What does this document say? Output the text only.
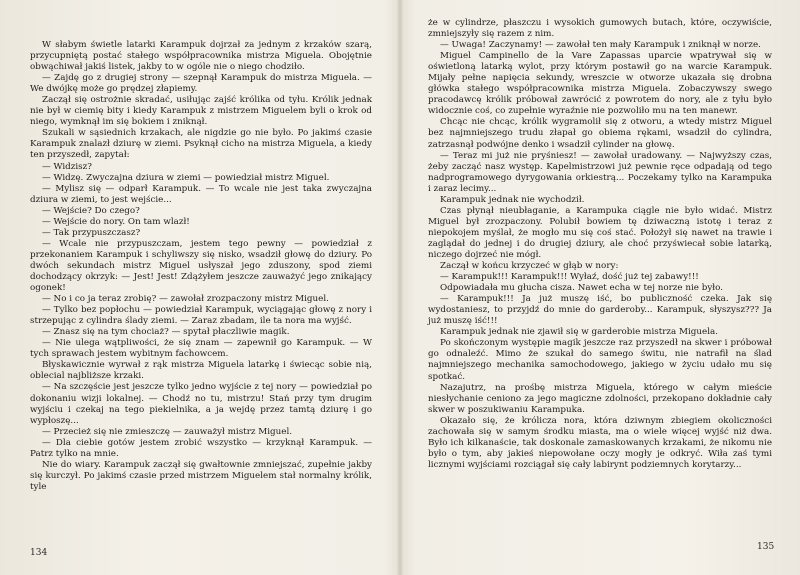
W słabym świetle latarki Karampuk dojrzał za jednym z krzaków szarą, przycupniętą postać stałego współpracownika mistrza Miguela. Obojętnie obwąchiwał jakiś listek, jakby to w ogóle nie o niego chodziło.

— Zajdę go z drugiej strony — szepnął Karampuk do mistrza Miguela. — We dwójkę może go prędzej złapiemy.

Zaczął się ostrożnie skradać, usiłując zajść królika od tyłu. Królik jednak nie był w ciemię bity i kiedy Karampuk z mistrzem Miguelem byli o krok od niego, wymknął im się bokiem i zniknął.

Szukali w sąsiednich krzakach, ale nigdzie go nie było. Po jakimś czasie Karampuk znalazł dziurę w ziemi. Psyknął cicho na mistrza Miguela, a kiedy ten przyszedł, zapytał:

— Widzisz?

— Widzę. Zwyczajna dziura w ziemi — powiedział mistrz Miguel.

— Mylisz się — odparł Karampuk. — To wcale nie jest taka zwyczajna dziura w ziemi, to jest wejście...

— Wejście? Do czego?

— Wejście do nory. On tam wlazł!

— Tak przypuszczasz?

— Wcale nie przypuszczam, jestem tego pewny — powiedział z przekonaniem Karampuk i schyliwszy się nisko, wsadził głowę do dziury. Po dwóch sekundach mistrz Miguel usłyszał jego zduszony, spod ziemi dochodzący okrzyk: — Jest! Jest! Zdążyłem jeszcze zauważyć jego znikający ogonek!

— No i co ja teraz zrobię? — zawołał zrozpaczony mistrz Miguel.

— Tylko bez popłochu — powiedział Karampuk, wyciągając głowę z nory i strzepując z cylindra ślady ziemi. — Zaraz zbadam, ile ta nora ma wyjść.

— Znasz się na tym chociaż? — spytał płaczliwie magik.

— Nie ulega wątpliwości, że się znam — zapewnił go Karampuk. — W tych sprawach jestem wybitnym fachowcem.

Błyskawicznie wyrwał z rąk mistrza Miguela latarkę i świecąc sobie nią, oblecial najbliższe krzaki.

— Na szczęście jest jeszcze tylko jedno wyjście z tej nory — powiedział po dokonaniu wizji lokalnej. — Chodź no tu, mistrzu! Stań przy tym drugim wyjściu i czekaj na tego piekielnika, a ja wejdę przez tamtą dziurę i go wypłoszę...

— Przecież się nie zmieszczę — zauważył mistrz Miguel.

— Dla ciebie gotów jestem zrobić wszystko — krzyknął Karampuk. — Patrz tylko na mnie.

Nie do wiary. Karampuk zaczął się gwałtownie zmniejszać, zupełnie jakby się kurczył. Po jakimś czasie przed mistrzem Miguelem stał normalny królik, tyle

134

że w cylindrze, płaszczu i wysokich gumowych butach, które, oczywiście, zmniejszyły się razem z nim.

— Uwaga! Zaczynamy! — zawołał ten mały Karampuk i zniknął w norze.

Miguel Campinello de la Vare Zapassas uparcie wpatrywał się w oświetloną latarką wylot, przy którym postawił go na warcie Karampuk. Mijały pełne napięcia sekundy, wreszcie w otworze ukazała się drobna główka stałego współpracownika mistrza Miguela. Zobaczywszy swego pracodawcę królik próbował zawrócić z powrotem do nory, ale z tyłu było widocznie coś, co zupełnie wyraźnie nie pozwoliło mu na ten manewr.

Chcąc nie chcąc, królik wygramolił się z otworu, a wtedy mistrz Miguel bez najmniejszego trudu złapał go obiema rękami, wsadził do cylindra, zatrzasnął podwójne denko i wsadził cylinder na głowę.

— Teraz mi już nie pryśniesz! — zawołał uradowany. — Najwyższy czas, żeby zacząć nasz występ. Kapelmistrzowi już pewnie ręce odpadają od tego nadprogramowego dyrygowania orkiestrą... Poczekamy tylko na Karampuka i zaraz lecimy...

Karampuk jednak nie wychodził.

Czas płynął nieubłaganie, a Karampuka ciągle nie było widać. Mistrz Miguel był zrozpaczony. Polubił bowiem tę dziwaczną istotę i teraz z niepokojem myślał, że mogło mu się coś stać. Położył się nawet na trawie i zaglądał do jednej i do drugiej dziury, ale choć przyświecał sobie latarką, niczego dojrzeć nie mógł.

Zaczął w końcu krzyczeć w głąb w nory:

— Karampuk!!! Karampuk!!! Wyłaź, dość już tej zabawy!!!

Odpowiadała mu głucha cisza. Nawet echa w tej norze nie było.

— Karampuk!!! Ja już muszę iść, bo publiczność czeka. Jak się wydostaniesz, to przyjdź do mnie do garderoby... Karampuk, słyszysz??? Ja już muszę iść!!!

Karampuk jednak nie zjawił się w garderobie mistrza Miguela.

Po skończonym występie magik jeszcze raz przyszedł na skwer i próbował go odnaleźć. Mimo że szukał do samego świtu, nie natrafił na ślad najmniejszego mechanika samochodowego, jakiego w życiu udało mu się spotkać.

Nazajutrz, na prośbę mistrza Miguela, którego w całym mieście niesłychanie ceniono za jego magiczne zdolności, przekopano dokładnie cały skwer w poszukiwaniu Karampuka.

Okazało się, że królicza nora, która dziwnym zbiegiem okoliczności zachowała się w samym środku miasta, ma o wiele więcej wyjść niż dwa. Było ich kilkanaście, tak doskonale zamaskowanych krzakami, że nikomu nie było o tym, aby jakieś niepowołane oczy mogły je odkryć. Wiła zaś tymi licznymi wyjściami rozciągał się cały labirynt podziemnych korytarzy...

135
